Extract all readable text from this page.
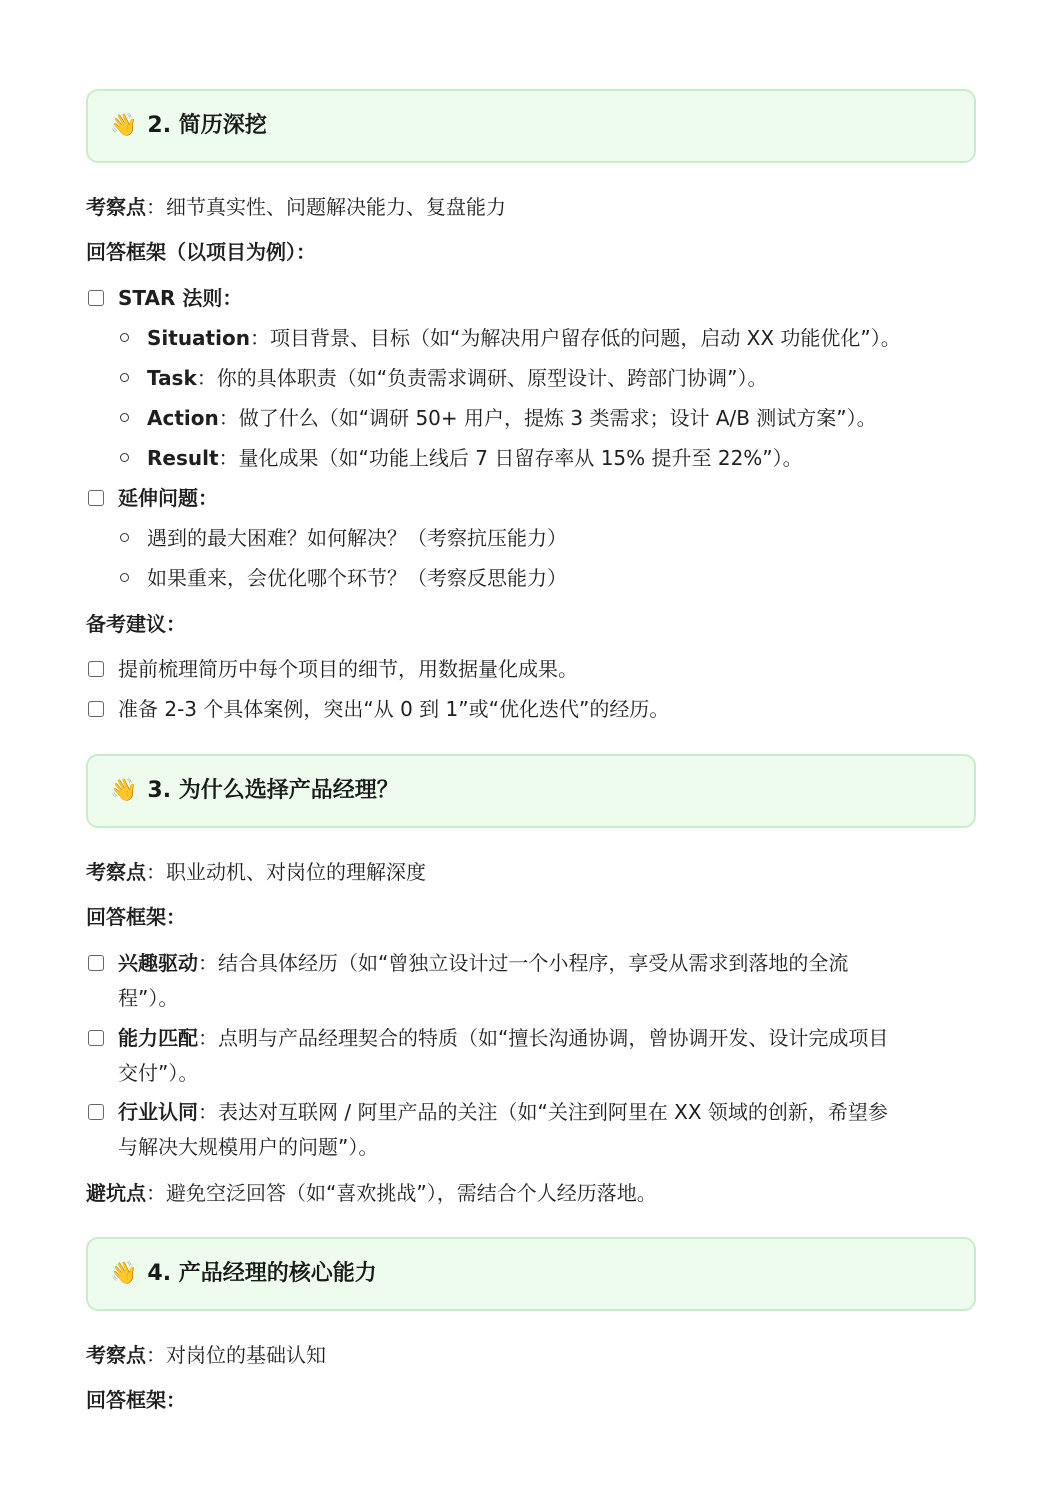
👋 2. 简历深挖

考察点：细节真实性、问题解决能力、复盘能力

回答框架（以项目为例）：

STAR 法则：
Situation：项目背景、目标（如“为解决用户留存低的问题，启动 XX 功能优化”）。
Task：你的具体职责（如“负责需求调研、原型设计、跨部门协调”）。
Action：做了什么（如“调研 50+ 用户，提炼 3 类需求；设计 A/B 测试方案”）。
Result：量化成果（如“功能上线后 7 日留存率从 15% 提升至 22%”）。
延伸问题：
遇到的最大困难？如何解决？（考察抗压能力）
如果重来，会优化哪个环节？（考察反思能力）

备考建议：

提前梳理简历中每个项目的细节，用数据量化成果。
准备 2-3 个具体案例，突出“从 0 到 1”或“优化迭代”的经历。
👋 3. 为什么选择产品经理？

考察点：职业动机、对岗位的理解深度

回答框架：

兴趣驱动：结合具体经历（如“曾独立设计过一个小程序，享受从需求到落地的全流
程”）。
能力匹配：点明与产品经理契合的特质（如“擅长沟通协调，曾协调开发、设计完成项目
交付”）。
行业认同：表达对互联网 / 阿里产品的关注（如“关注到阿里在 XX 领域的创新，希望参
与解决大规模用户的问题”）。

避坑点：避免空泛回答（如“喜欢挑战”），需结合个人经历落地。

👋 4. 产品经理的核心能力

考察点：对岗位的基础认知

回答框架：
